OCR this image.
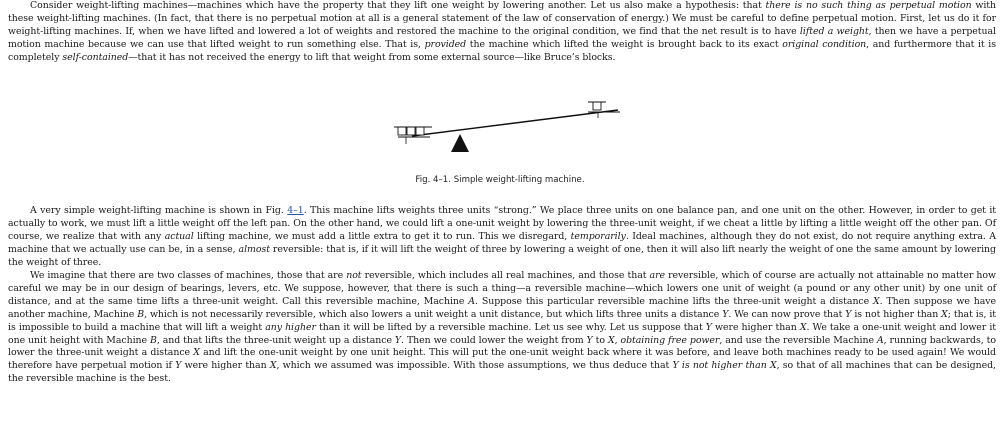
Consider weight-lifting machines—machines which have the property that they lift one weight by lowering another. Let us also make a hypothesis: that there is no such thing as perpetual motion with these weight-lifting machines. (In fact, that there is no perpetual motion at all is a general statement of the law of conservation of energy.) We must be careful to define perpetual motion. First, let us do it for weight-lifting machines. If, when we have lifted and lowered a lot of weights and restored the machine to the original condition, we find that the net result is to have lifted a weight, then we have a perpetual motion machine because we can use that lifted weight to run something else. That is, provided the machine which lifted the weight is brought back to its exact original condition, and furthermore that it is completely self-contained—that it has not received the energy to lift that weight from some external source—like Bruce’s blocks.

Fig. 4–1. Simple weight-lifting machine.

A very simple weight-lifting machine is shown in Fig. 4–1. This machine lifts weights three units “strong.” We place three units on one balance pan, and one unit on the other. However, in order to get it actually to work, we must lift a little weight off the left pan. On the other hand, we could lift a one-unit weight by lowering the three-unit weight, if we cheat a little by lifting a little weight off the other pan. Of course, we realize that with any actual lifting machine, we must add a little extra to get it to run. This we disregard, temporarily. Ideal machines, although they do not exist, do not require anything extra. A machine that we actually use can be, in a sense, almost reversible: that is, if it will lift the weight of three by lowering a weight of one, then it will also lift nearly the weight of one the same amount by lowering the weight of three.

We imagine that there are two classes of machines, those that are not reversible, which includes all real machines, and those that are reversible, which of course are actually not attainable no matter how careful we may be in our design of bearings, levers, etc. We suppose, however, that there is such a thing—a reversible machine—which lowers one unit of weight (a pound or any other unit) by one unit of distance, and at the same time lifts a three-unit weight. Call this reversible machine, Machine A. Suppose this particular reversible machine lifts the three-unit weight a distance X. Then suppose we have another machine, Machine B, which is not necessarily reversible, which also lowers a unit weight a unit distance, but which lifts three units a distance Y. We can now prove that Y is not higher than X; that is, it is impossible to build a machine that will lift a weight any higher than it will be lifted by a reversible machine. Let us see why. Let us suppose that Y were higher than X. We take a one-unit weight and lower it one unit height with Machine B, and that lifts the three-unit weight up a distance Y. Then we could lower the weight from Y to X, obtaining free power, and use the reversible Machine A, running backwards, to lower the three-unit weight a distance X and lift the one-unit weight by one unit height. This will put the one-unit weight back where it was before, and leave both machines ready to be used again! We would therefore have perpetual motion if Y were higher than X, which we assumed was impossible. With those assumptions, we thus deduce that Y is not higher than X, so that of all machines that can be designed, the reversible machine is the best.
